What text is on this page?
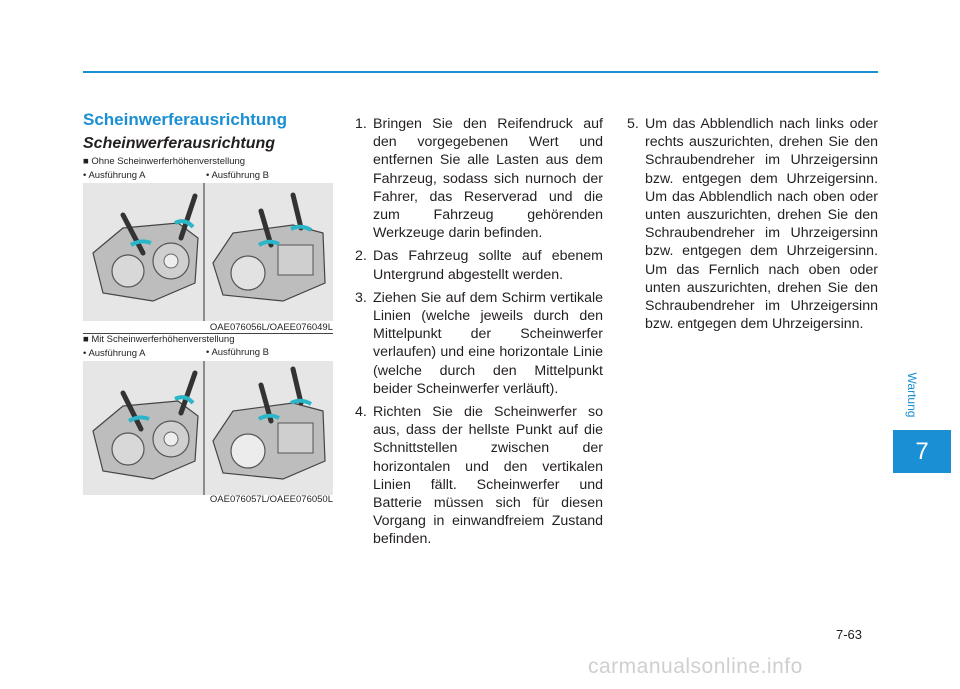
Scheinwerferausrichtung
Scheinwerferausrichtung
■ Ohne Scheinwerferhöhenverstellung
• Ausführung A	• Ausführung B
OAE076056L/OAEE076049L
■ Mit Scheinwerferhöhenverstellung
• Ausführung A	• Ausführung B
OAE076057L/OAEE076050L
1. Bringen Sie den Reifendruck auf den vorgegebenen Wert und entfernen Sie alle Lasten aus dem Fahrzeug, sodass sich nurnoch der Fahrer, das Reserverad und die zum Fahrzeug gehörenden Werkzeuge darin befinden.
2. Das Fahrzeug sollte auf ebenem Untergrund abgestellt werden.
3. Ziehen Sie auf dem Schirm vertikale Linien (welche jeweils durch den Mittelpunkt der Scheinwerfer verlaufen) und eine horizontale Linie (welche durch den Mittelpunkt beider Scheinwerfer verläuft).
4. Richten Sie die Scheinwerfer so aus, dass der hellste Punkt auf die Schnittstellen zwischen der horizontalen und den vertikalen Linien fällt. Scheinwerfer und Batterie müssen sich für diesen Vorgang in einwandfreiem Zustand befinden.
5. Um das Abblendlich nach links oder rechts auszurichten, drehen Sie den Schraubendreher im Uhrzeigersinn bzw. entgegen dem Uhrzeigersinn. Um das Abblendlich nach oben oder unten auszurichten, drehen Sie den Schraubendreher im Uhrzeigersinn bzw. entgegen dem Uhrzeigersinn. Um das Fernlich nach oben oder unten auszurichten, drehen Sie den Schraubendreher im Uhrzeigersinn bzw. entgegen dem Uhrzeigersinn.
Wartung
7
7-63
carmanualsonline.info
